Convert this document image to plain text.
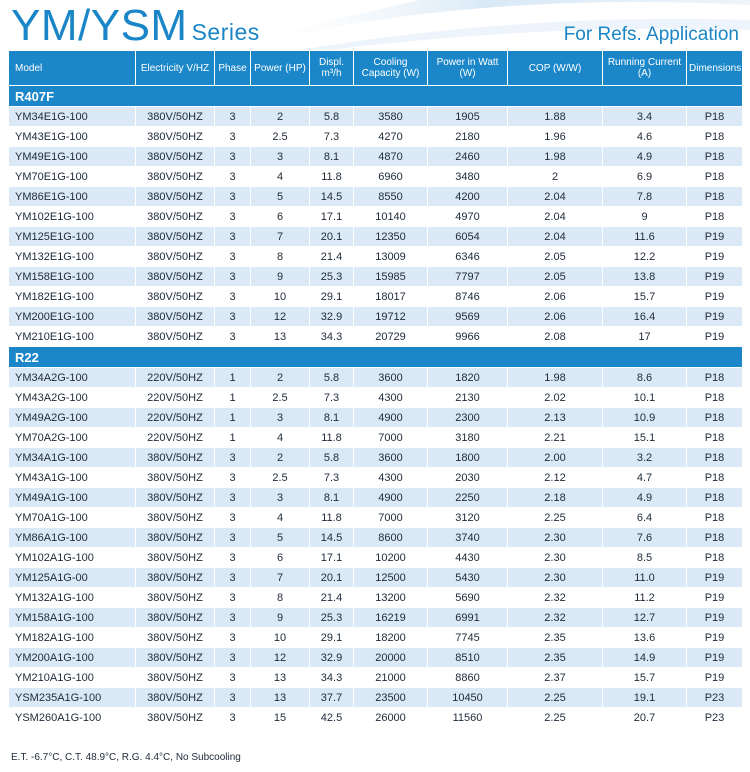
YM/YSM Series	For Refs. Application
Model	Electricity V/HZ	Phase	Power (HP)	Displ. m³/h	Cooling Capacity (W)	Power in Watt (W)	COP (W/W)	Running Current (A)	Dimensions
R407F									
YM34E1G-100	380V/50HZ	3	2	5.8	3580	1905	1.88	3.4	P18
YM43E1G-100	380V/50HZ	3	2.5	7.3	4270	2180	1.96	4.6	P18
YM49E1G-100	380V/50HZ	3	3	8.1	4870	2460	1.98	4.9	P18
YM70E1G-100	380V/50HZ	3	4	11.8	6960	3480	2	6.9	P18
YM86E1G-100	380V/50HZ	3	5	14.5	8550	4200	2.04	7.8	P18
YM102E1G-100	380V/50HZ	3	6	17.1	10140	4970	2.04	9	P18
YM125E1G-100	380V/50HZ	3	7	20.1	12350	6054	2.04	11.6	P19
YM132E1G-100	380V/50HZ	3	8	21.4	13009	6346	2.05	12.2	P19
YM158E1G-100	380V/50HZ	3	9	25.3	15985	7797	2.05	13.8	P19
YM182E1G-100	380V/50HZ	3	10	29.1	18017	8746	2.06	15.7	P19
YM200E1G-100	380V/50HZ	3	12	32.9	19712	9569	2.06	16.4	P19
YM210E1G-100	380V/50HZ	3	13	34.3	20729	9966	2.08	17	P19
R22									
YM34A2G-100	220V/50HZ	1	2	5.8	3600	1820	1.98	8.6	P18
YM43A2G-100	220V/50HZ	1	2.5	7.3	4300	2130	2.02	10.1	P18
YM49A2G-100	220V/50HZ	1	3	8.1	4900	2300	2.13	10.9	P18
YM70A2G-100	220V/50HZ	1	4	11.8	7000	3180	2.21	15.1	P18
YM34A1G-100	380V/50HZ	3	2	5.8	3600	1800	2.00	3.2	P18
YM43A1G-100	380V/50HZ	3	2.5	7.3	4300	2030	2.12	4.7	P18
YM49A1G-100	380V/50HZ	3	3	8.1	4900	2250	2.18	4.9	P18
YM70A1G-100	380V/50HZ	3	4	11.8	7000	3120	2.25	6.4	P18
YM86A1G-100	380V/50HZ	3	5	14.5	8600	3740	2.30	7.6	P18
YM102A1G-100	380V/50HZ	3	6	17.1	10200	4430	2.30	8.5	P18
YM125A1G-00	380V/50HZ	3	7	20.1	12500	5430	2.30	11.0	P19
YM132A1G-100	380V/50HZ	3	8	21.4	13200	5690	2.32	11.2	P19
YM158A1G-100	380V/50HZ	3	9	25.3	16219	6991	2.32	12.7	P19
YM182A1G-100	380V/50HZ	3	10	29.1	18200	7745	2.35	13.6	P19
YM200A1G-100	380V/50HZ	3	12	32.9	20000	8510	2.35	14.9	P19
YM210A1G-100	380V/50HZ	3	13	34.3	21000	8860	2.37	15.7	P19
YSM235A1G-100	380V/50HZ	3	13	37.7	23500	10450	2.25	19.1	P23
YSM260A1G-100	380V/50HZ	3	15	42.5	26000	11560	2.25	20.7	P23
E.T. -6.7°C, C.T. 48.9°C, R.G. 4.4°C, No Subcooling
